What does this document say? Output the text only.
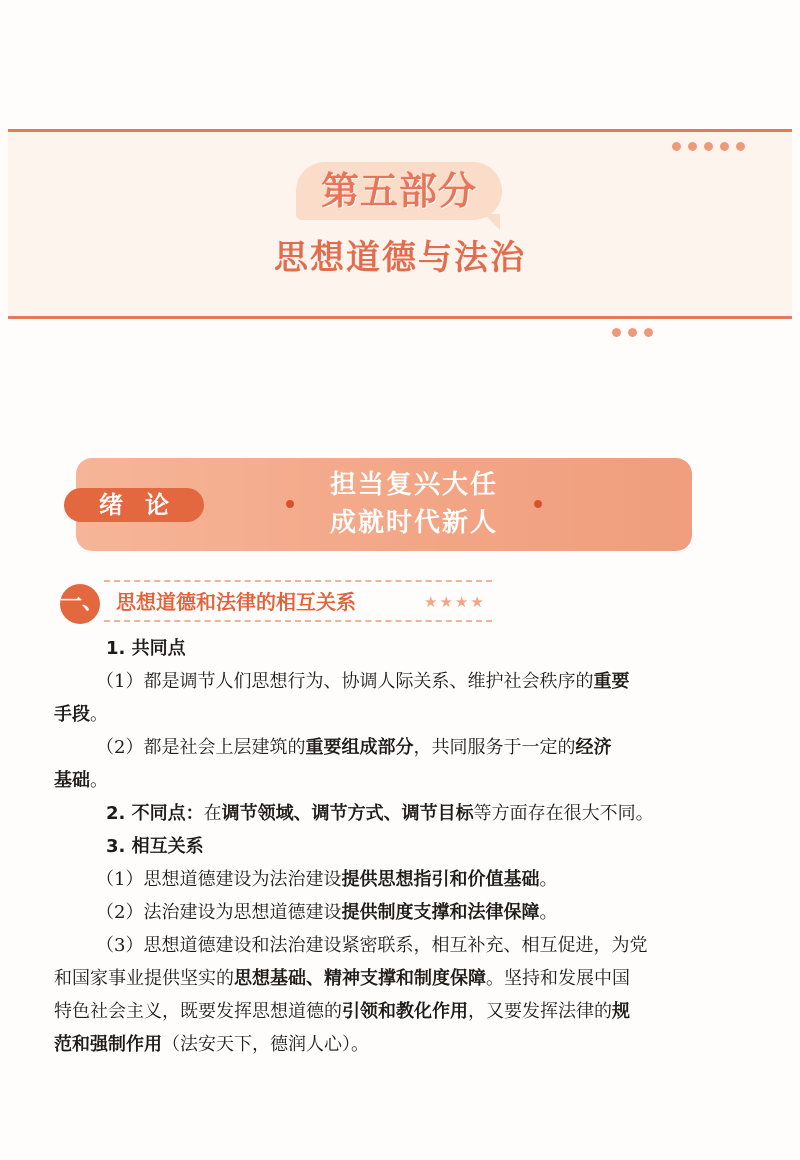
第五部分
思想道德与法治
绪论
担当复兴大任
成就时代新人
一、 思想道德和法律的相互关系	★★★★
1. 共同点
（1）都是调节人们思想行为、协调人际关系、维护社会秩序的重要
手段。
（2）都是社会上层建筑的重要组成部分，共同服务于一定的经济
基础。
2. 不同点：在调节领域、调节方式、调节目标等方面存在很大不同。
3. 相互关系
（1）思想道德建设为法治建设提供思想指引和价值基础。
（2）法治建设为思想道德建设提供制度支撑和法律保障。
（3）思想道德建设和法治建设紧密联系，相互补充、相互促进，为党
和国家事业提供坚实的思想基础、精神支撑和制度保障。坚持和发展中国
特色社会主义，既要发挥思想道德的引领和教化作用，又要发挥法律的规
范和强制作用（法安天下，德润人心）。
